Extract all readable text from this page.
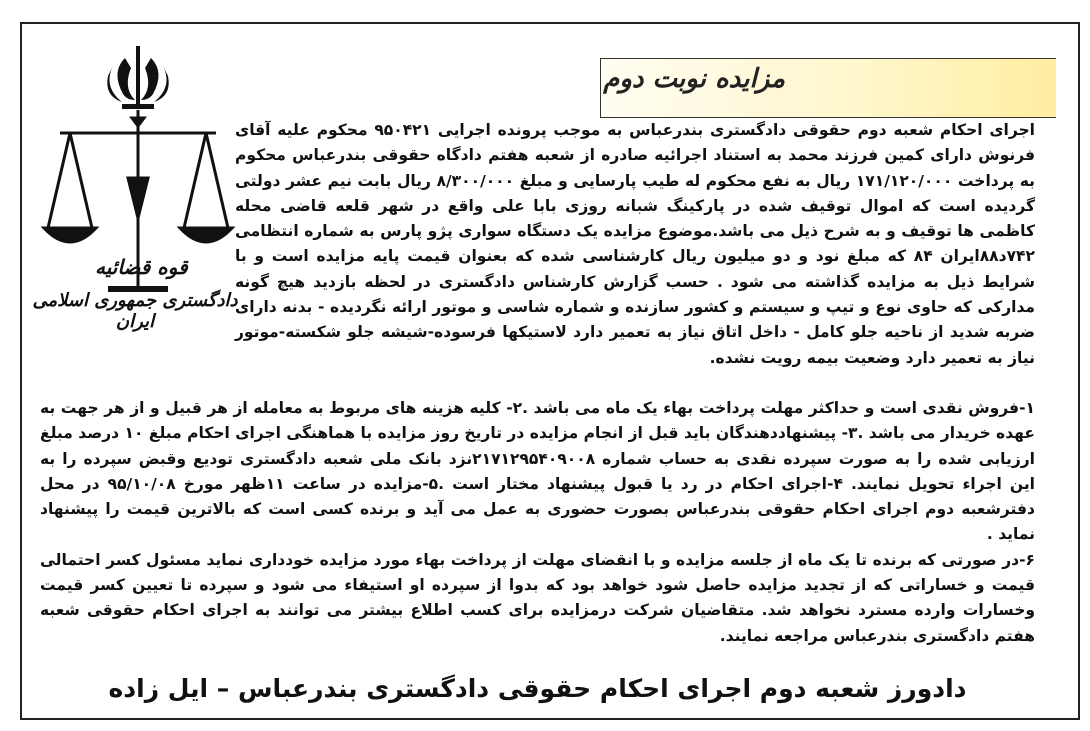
مزایده نوبت دوم
قوه قضائیه
دادگستری جمهوری اسلامی ایران
اجرای احکام شعبه دوم حقوقی دادگستری بندرعباس به موجب پرونده اجرایی ۹۵۰۴۲۱ محکوم علیه آقای فرنوش دارای کمین فرزند محمد به استناد اجرائیه صادره از شعبه هفتم دادگاه حقوقی بندرعباس محکوم به پرداخت ۱۷۱/۱۲۰/۰۰۰ ریال به نفع محکوم له طیب پارسایی و مبلغ ۸/۳۰۰/۰۰۰ ریال بابت نیم عشر دولتی گردیده است که اموال توقیف شده در پارکینگ شبانه روزی بابا علی واقع در شهر قلعه قاضی محله کاظمی ها توقیف و به شرح ذیل می باشد.موضوع مزایده یک دستگاه سواری پژو پارس به شماره انتظامی ۷۴۲د۸۸ایران ۸۴ که مبلغ نود و دو میلیون ریال کارشناسی شده که بعنوان قیمت پایه مزایده است و با شرایط ذیل به مزایده گذاشته می شود . حسب گزارش کارشناس دادگستری در لحظه بازدید هیچ گونه مدارکی که حاوی نوع و تیپ و سیستم و کشور سازنده و شماره شاسی و موتور ارائه نگردیده - بدنه دارای ضربه شدید از ناحیه جلو کامل - داخل اتاق نیاز به تعمیر دارد لاستیکها فرسوده-شیشه جلو شکسته-موتور نیاز به تعمیر دارد وضعیت بیمه رویت نشده.

۱-فروش نقدی است و حداکثر مهلت پرداخت بهاء یک ماه می باشد .۲- کلیه هزینه های مربوط به معامله از هر قبیل و از هر جهت به عهده خریدار می باشد .۳- پیشنهاددهندگان باید قبل از انجام مزایده در تاریخ روز مزایده با هماهنگی اجرای احکام مبلغ ۱۰ درصد مبلغ ارزیابی شده را به صورت سپرده نقدی به حساب شماره ۲۱۷۱۲۹۵۴۰۹۰۰۸نزد بانک ملی شعبه دادگستری تودیع وقبض سپرده را به این اجراء تحویل نمایند. ۴-اجرای احکام در رد یا قبول پیشنهاد مختار است .۵-مزایده در ساعت ۱۱ظهر مورخ ۹۵/۱۰/۰۸ در محل دفترشعبه دوم اجرای احکام حقوقی بندرعباس بصورت حضوری به عمل می آید و برنده کسی است که بالاترین قیمت را پیشنهاد نماید .

۶-در صورتی که برنده تا یک ماه از جلسه مزایده و با انقضای مهلت از پرداخت بهاء مورد مزایده خودداری نماید مسئول کسر احتمالی قیمت و خساراتی که از تجدید مزایده حاصل شود خواهد بود که بدوا از سپرده او استیفاء می شود و سپرده تا تعیین کسر قیمت وخسارات وارده مسترد نخواهد شد. متقاضیان شرکت درمزایده برای کسب اطلاع بیشتر می توانند به اجرای احکام حقوقی شعبه هفتم دادگستری بندرعباس مراجعه نمایند.

دادورز شعبه دوم اجرای احکام حقوقی دادگستری بندرعباس – ایل زاده
